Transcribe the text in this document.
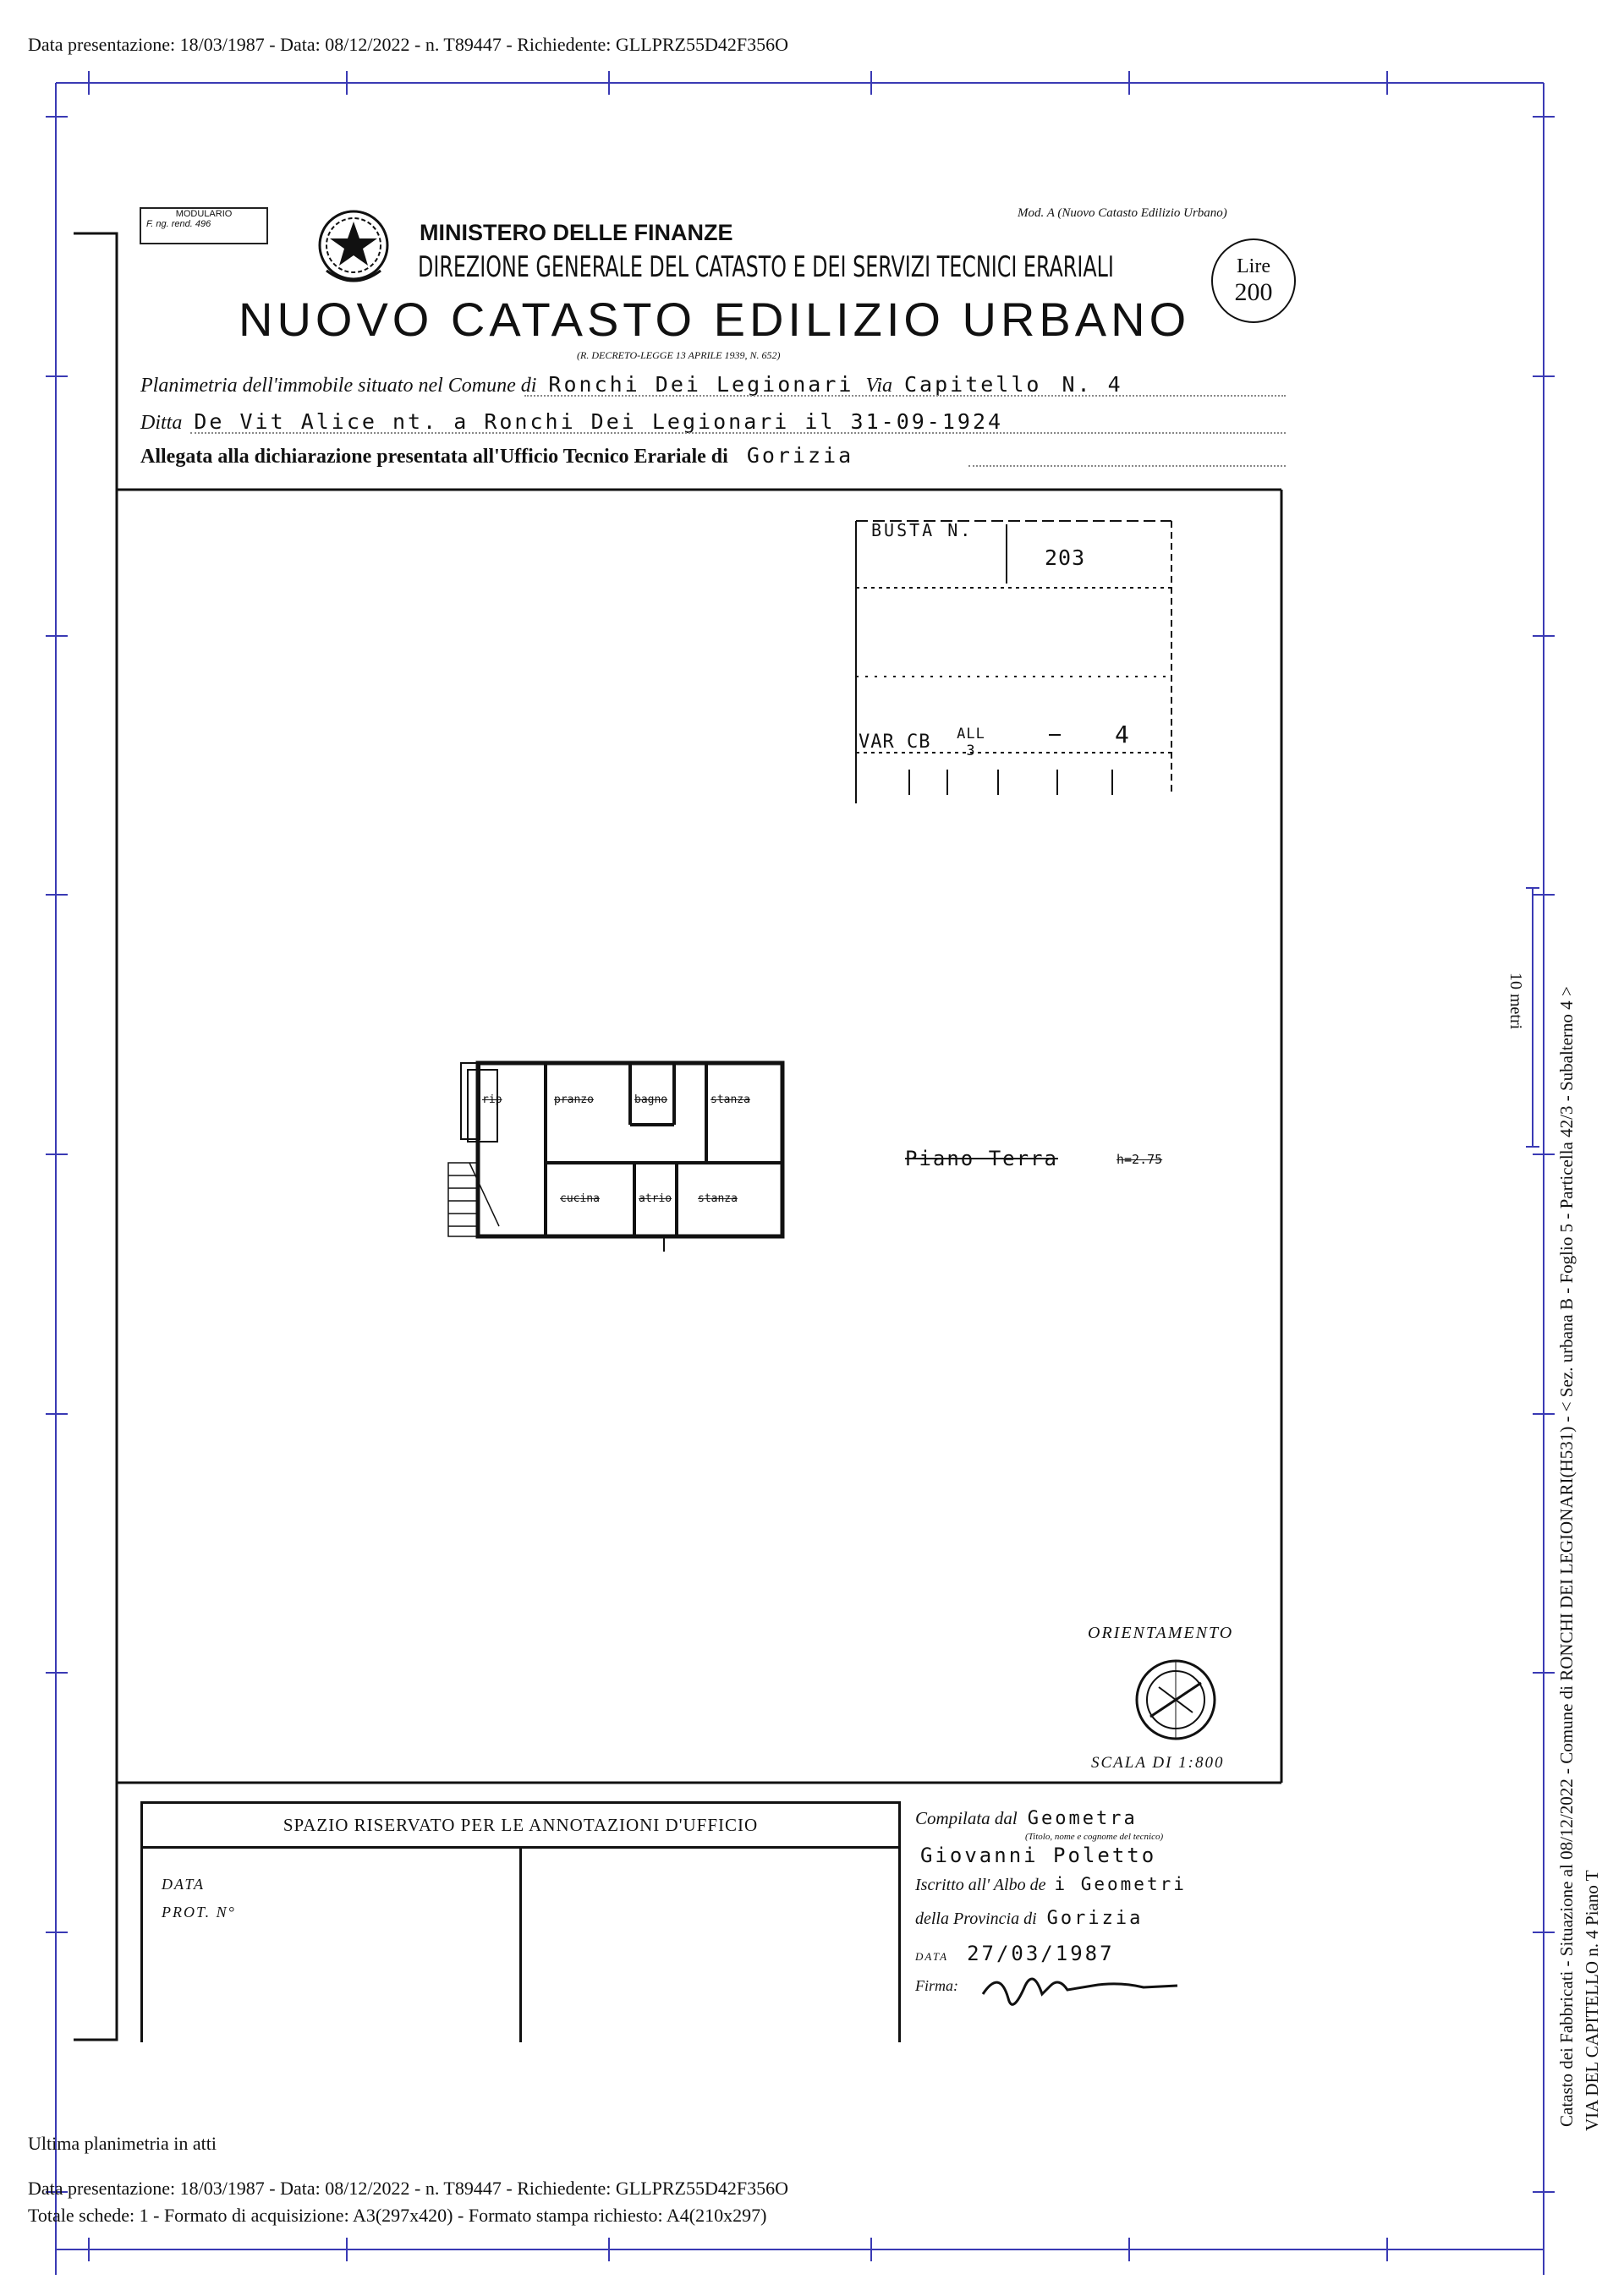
Data presentazione: 18/03/1987 - Data: 08/12/2022 - n. T89447 - Richiedente: GLLPRZ55D42F356O
MODULARIO
F. ng. rend. 496	MINISTERO DELLE FINANZE
DIREZIONE GENERALE DEL CATASTO E DEI SERVIZI TECNICI ERARIALI
Mod. A (Nuovo Catasto Edilizio Urbano)
Lire
200
NUOVO CATASTO EDILIZIO URBANO
(R. DECRETO-LEGGE 13 APRILE 1939, N. 652)
Planimetria dell'immobile situato nel Comune di Ronchi Dei Legionari Via Capitello N. 4
Ditta De Vit Alice nt. a Ronchi Dei Legionari il 31-09-1924
Allegata alla dichiarazione presentata all'Ufficio Tecnico Erariale di Gorizia
BUSTA N.
203
VAR CB ALL 3
4
rip	pranzo	bagno	stanza
cucina	atrio stanza
Piano Terra	h=2.75
ORIENTAMENTO
SCALA DI 1:800
SPAZIO RISERVATO PER LE ANNOTAZIONI D'UFFICIO
DATA
PROT. N°
Compilata dal Geometra
(Titolo, nome e cognome del tecnico)
Giovanni Poletto
Iscritto all' Albo de i Geometri
della Provincia di Gorizia
DATA 27/03/1987
Firma:	Catasto dei Fabbricati - Situazione al 08/12/2022 - Comune di RONCHI DEI LEGIONARI(H531) - < Sez. urbana B - Foglio 5 - Particella 42/3 - Subalterno 4 > VIA DEL CAPITELLO n. 4 Piano T
10 metri
Ultima planimetria in atti
Data presentazione: 18/03/1987 - Data: 08/12/2022 - n. T89447 - Richiedente: GLLPRZ55D42F356O
Totale schede: 1 - Formato di acquisizione: A3(297x420) - Formato stampa richiesto: A4(210x297)
